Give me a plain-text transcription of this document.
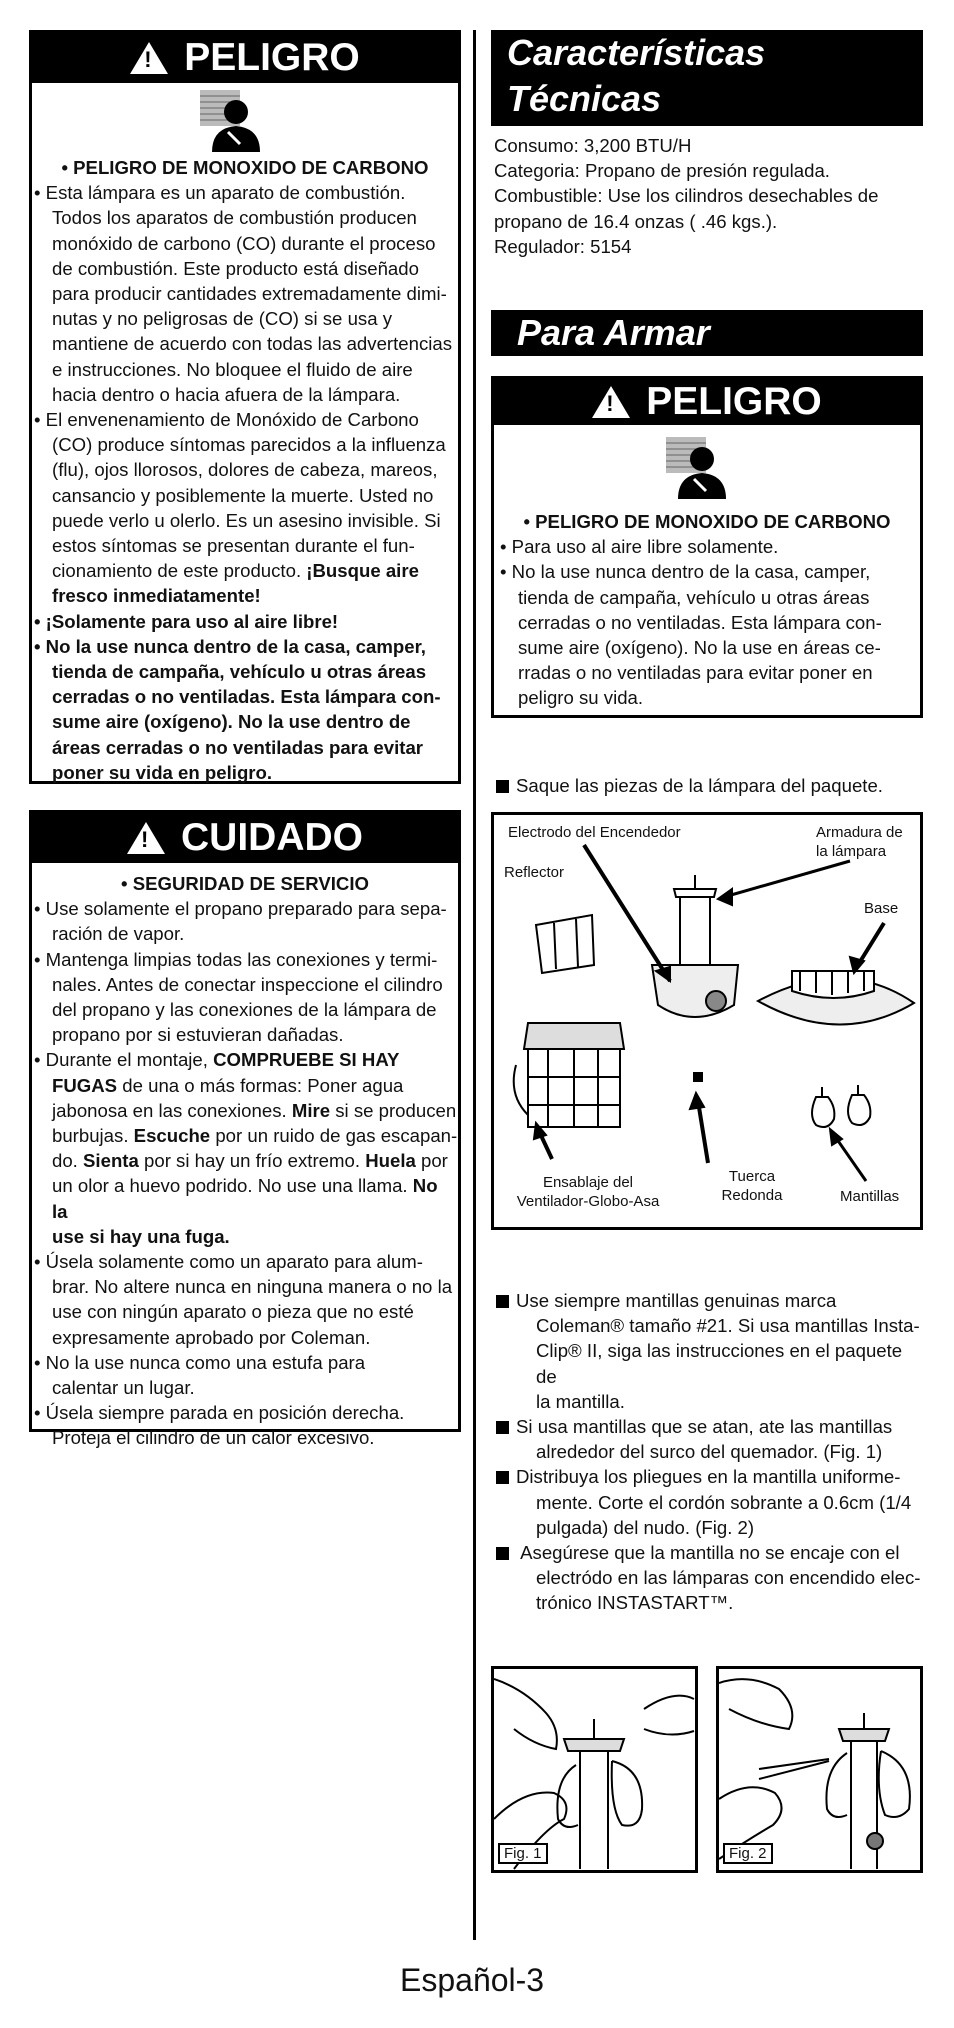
!
PELIGRO
• PELIGRO DE MONOXIDO DE CARBONO
• Esta lámpara es un aparato de combustión.
Todos los aparatos de combustión producen
monóxido de carbono (CO) durante el proceso
de combustión. Este producto está diseñado
para producir cantidades extremadamente dimi-
nutas y no peligrosas de (CO) si se usa y
mantiene de acuerdo con todas las advertencias
e instrucciones. No bloquee el fluido de aire
hacia dentro o hacia afuera de la lámpara.
• El envenenamiento de Monóxido de Carbono
(CO) produce síntomas parecidos a la influenza
(flu), ojos llorosos, dolores de cabeza, mareos,
cansancio y posiblemente la muerte. Usted no
puede verlo u olerlo. Es un asesino invisible. Si
estos síntomas se presentan durante el fun-
cionamiento de este producto. ¡Busque aire
fresco inmediatamente!
• ¡Solamente para uso al aire libre!
• No la use nunca dentro de la casa, camper,
tienda de campaña, vehículo u otras áreas
cerradas o no ventiladas. Esta lámpara con-
sume aire (oxígeno). No la use dentro de
áreas cerradas o no ventiladas para evitar
poner su vida en peligro.
!
CUIDADO
• SEGURIDAD DE SERVICIO
• Use solamente el propano preparado para sepa-
ración de vapor.
• Mantenga limpias todas las conexiones y termi-
nales. Antes de conectar inspeccione el cilindro
del propano y las conexiones de la lámpara de
propano por si estuvieran dañadas.
• Durante el montaje, COMPRUEBE SI HAY
FUGAS de una o más formas: Poner agua
jabonosa en las conexiones. Mire si se producen
burbujas. Escuche por un ruido de gas escapan-
do. Sienta por si hay un frío extremo. Huela por
un olor a huevo podrido. No use una llama. No la
use si hay una fuga.
• Úsela solamente como un aparato para alum-
brar. No altere nunca en ninguna manera o no la
use con ningún aparato o pieza que no esté
expresamente aprobado por Coleman.
• No la use nunca como una estufa para
calentar un lugar.
• Úsela siempre parada en posición derecha.
Proteja el cilindro de un calor excesivo.
Características
Técnicas
Consumo: 3,200 BTU/H
Categoria: Propano de presión regulada.
Combustible: Use los cilindros desechables de
propano de 16.4 onzas ( .46 kgs.).
Regulador: 5154
Para Armar
!
PELIGRO
• PELIGRO DE MONOXIDO DE CARBONO
• Para uso al aire libre solamente.
• No la use nunca dentro de la casa, camper,
tienda de campaña, vehículo u otras áreas
cerradas o no ventiladas. Esta lámpara con-
sume aire (oxígeno). No la use en áreas ce-
rradas o no ventiladas para evitar poner en
peligro su vida.
Saque las piezas de la lámpara del paquete.
Electrodo del Encendedor	Armadura de
la lámpara
Reflector
Base
Ensablaje del
Ventilador-Globo-Asa
Tuerca
Redonda	Mantillas
Use siempre mantillas genuinas marca
Coleman® tamaño #21. Si usa mantillas Insta-
Clip® II, siga las instrucciones en el paquete de
la mantilla.
Si usa mantillas que se atan, ate las mantillas
alrededor del surco del quemador. (Fig. 1)
Distribuya los pliegues en la mantilla uniforme-
mente. Corte el cordón sobrante a 0.6cm (1/4
pulgada) del nudo. (Fig. 2)
Asegúrese que la mantilla no se encaje con el
electródo en las lámparas con encendido elec-
trónico INSTASTART™.
Fig. 1	Fig. 2
Español-3
